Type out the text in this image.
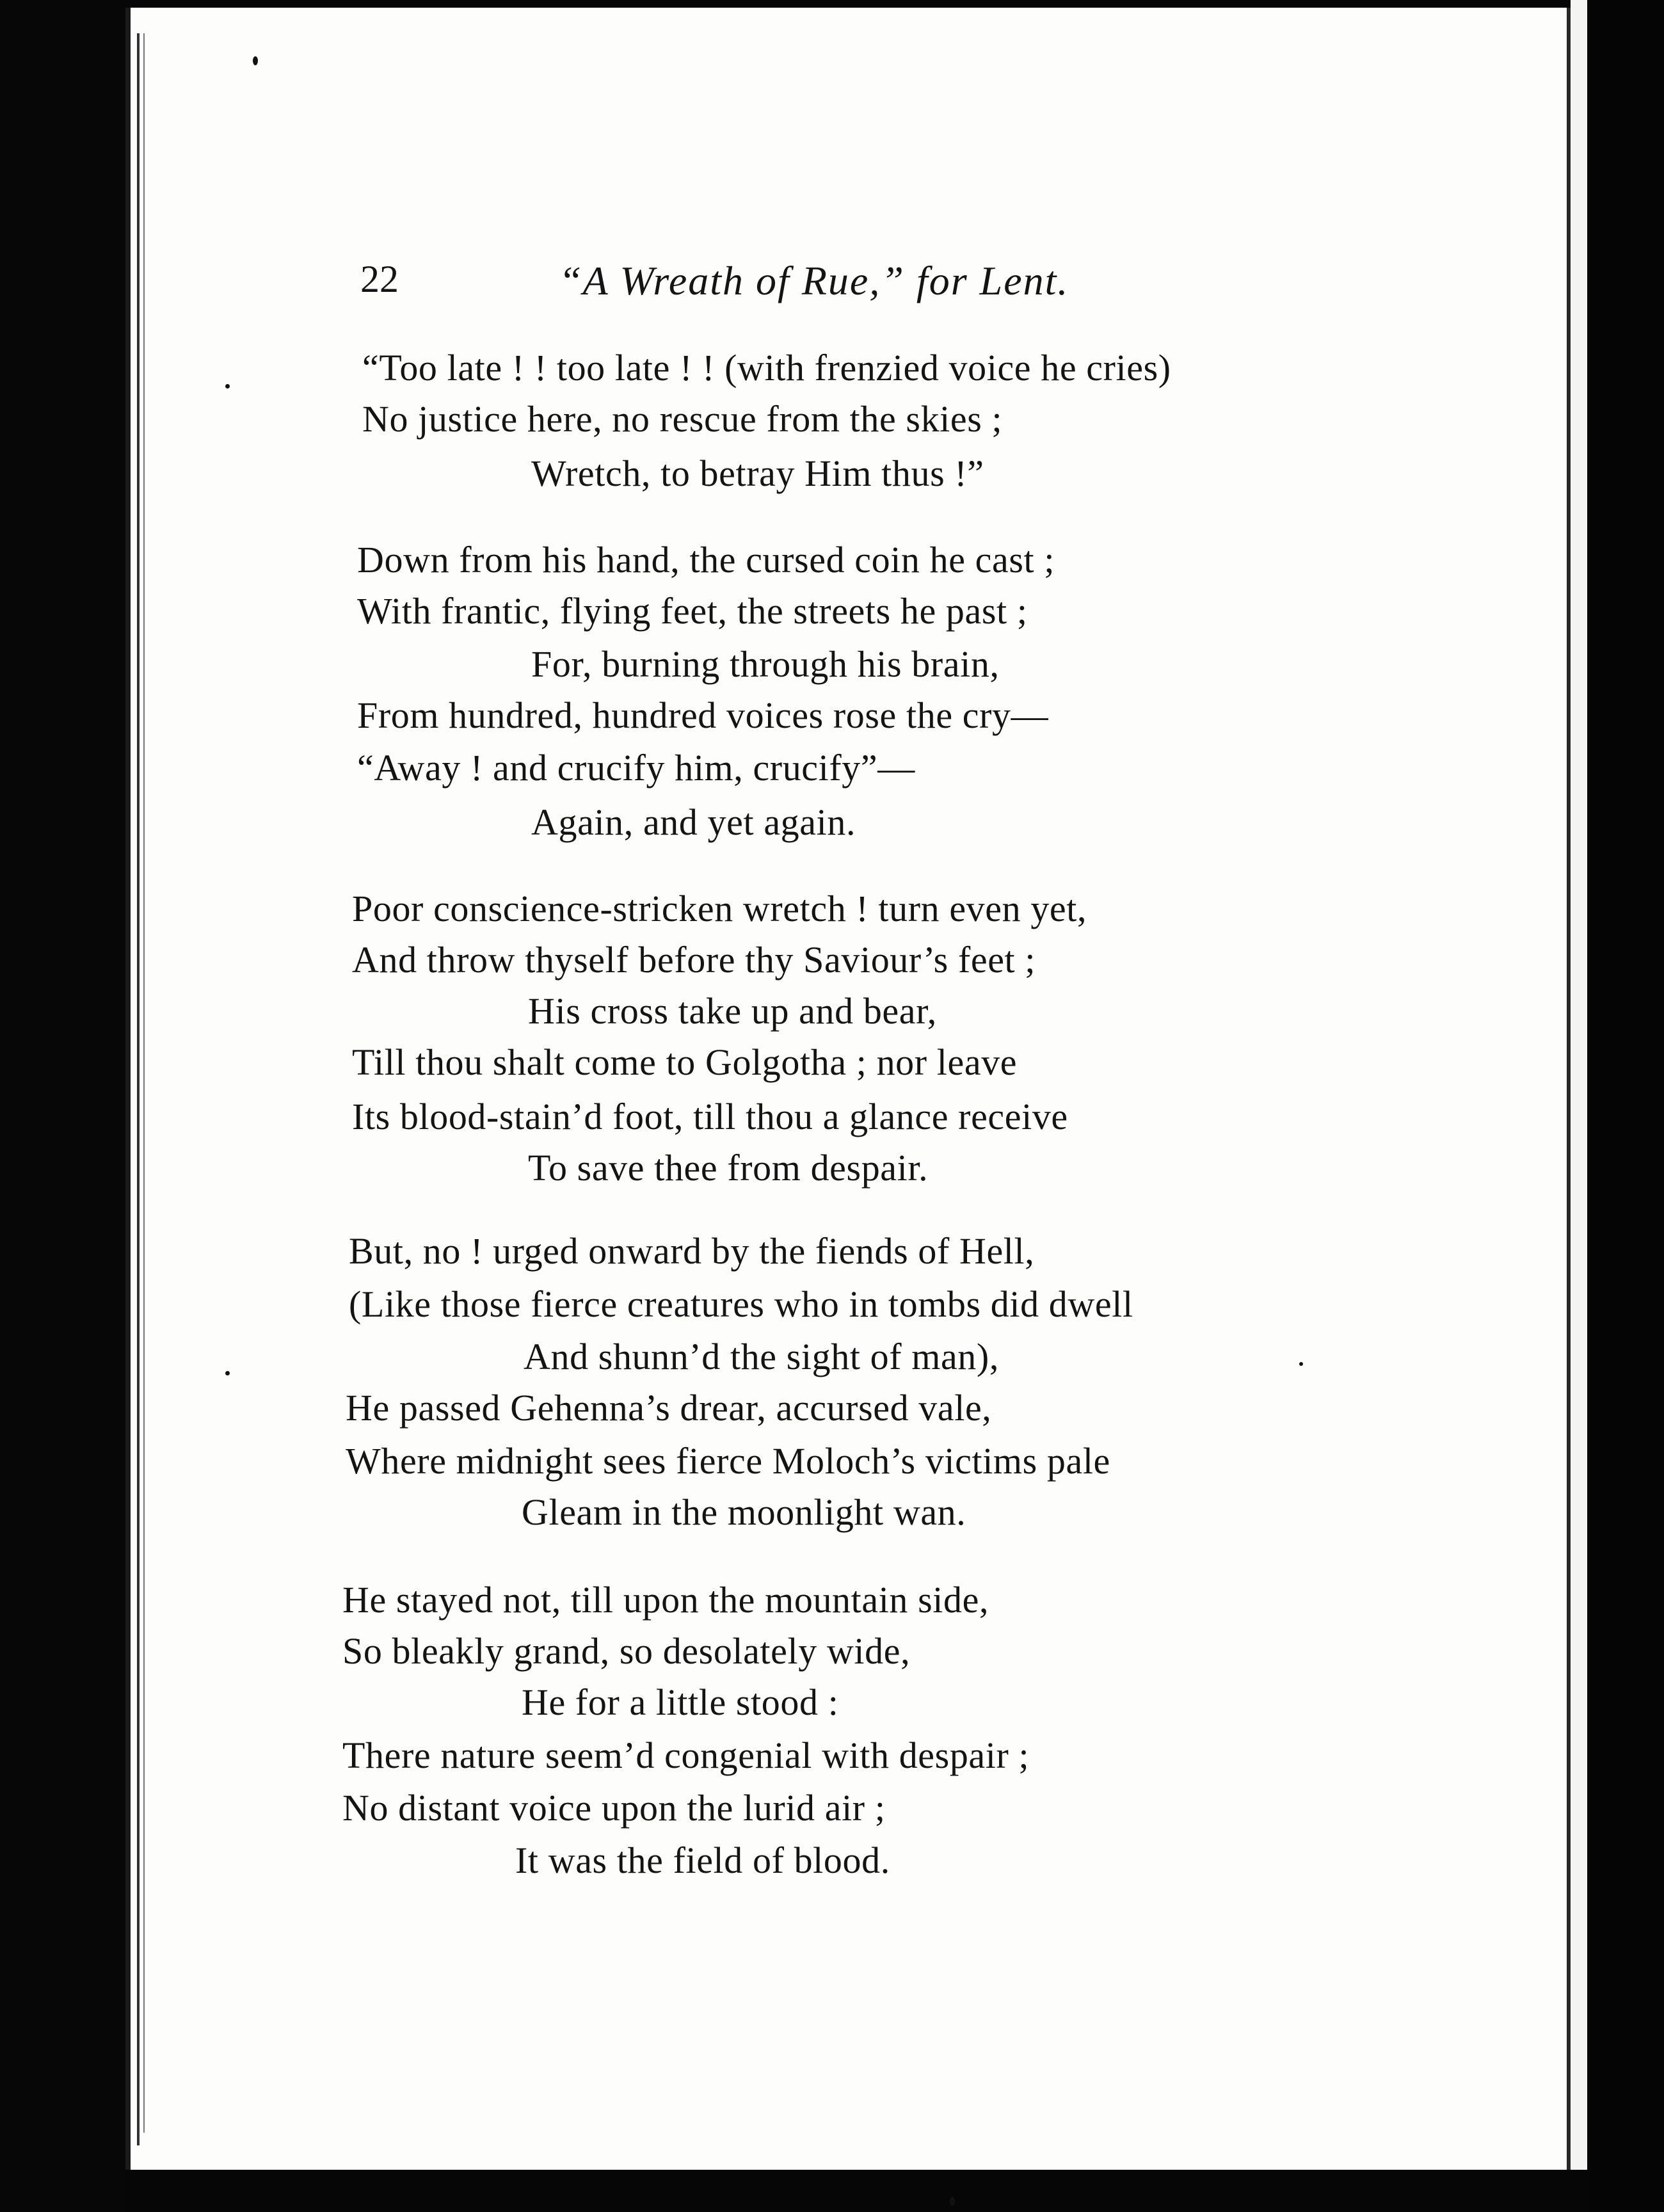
22	“A Wreath of Rue,” for Lent.
“Too late ! ! too late ! ! (with frenzied voice he cries)
No justice here, no rescue from the skies ;
Wretch, to betray Him thus !”
Down from his hand, the cursed coin he cast ;
With frantic, flying feet, the streets he past ;
For, burning through his brain,
From hundred, hundred voices rose the cry—
“Away ! and crucify him, crucify”—
Again, and yet again.
Poor conscience-stricken wretch ! turn even yet,
And throw thyself before thy Saviour’s feet ;
His cross take up and bear,
Till thou shalt come to Golgotha ; nor leave
Its blood-stain’d foot, till thou a glance receive
To save thee from despair.
But, no ! urged onward by the fiends of Hell,
(Like those fierce creatures who in tombs did dwell
And shunn’d the sight of man),
He passed Gehenna’s drear, accursed vale,
Where midnight sees fierce Moloch’s victims pale
Gleam in the moonlight wan.
He stayed not, till upon the mountain side,
So bleakly grand, so desolately wide,
He for a little stood :
There nature seem’d congenial with despair ;
No distant voice upon the lurid air ;
It was the field of blood.
